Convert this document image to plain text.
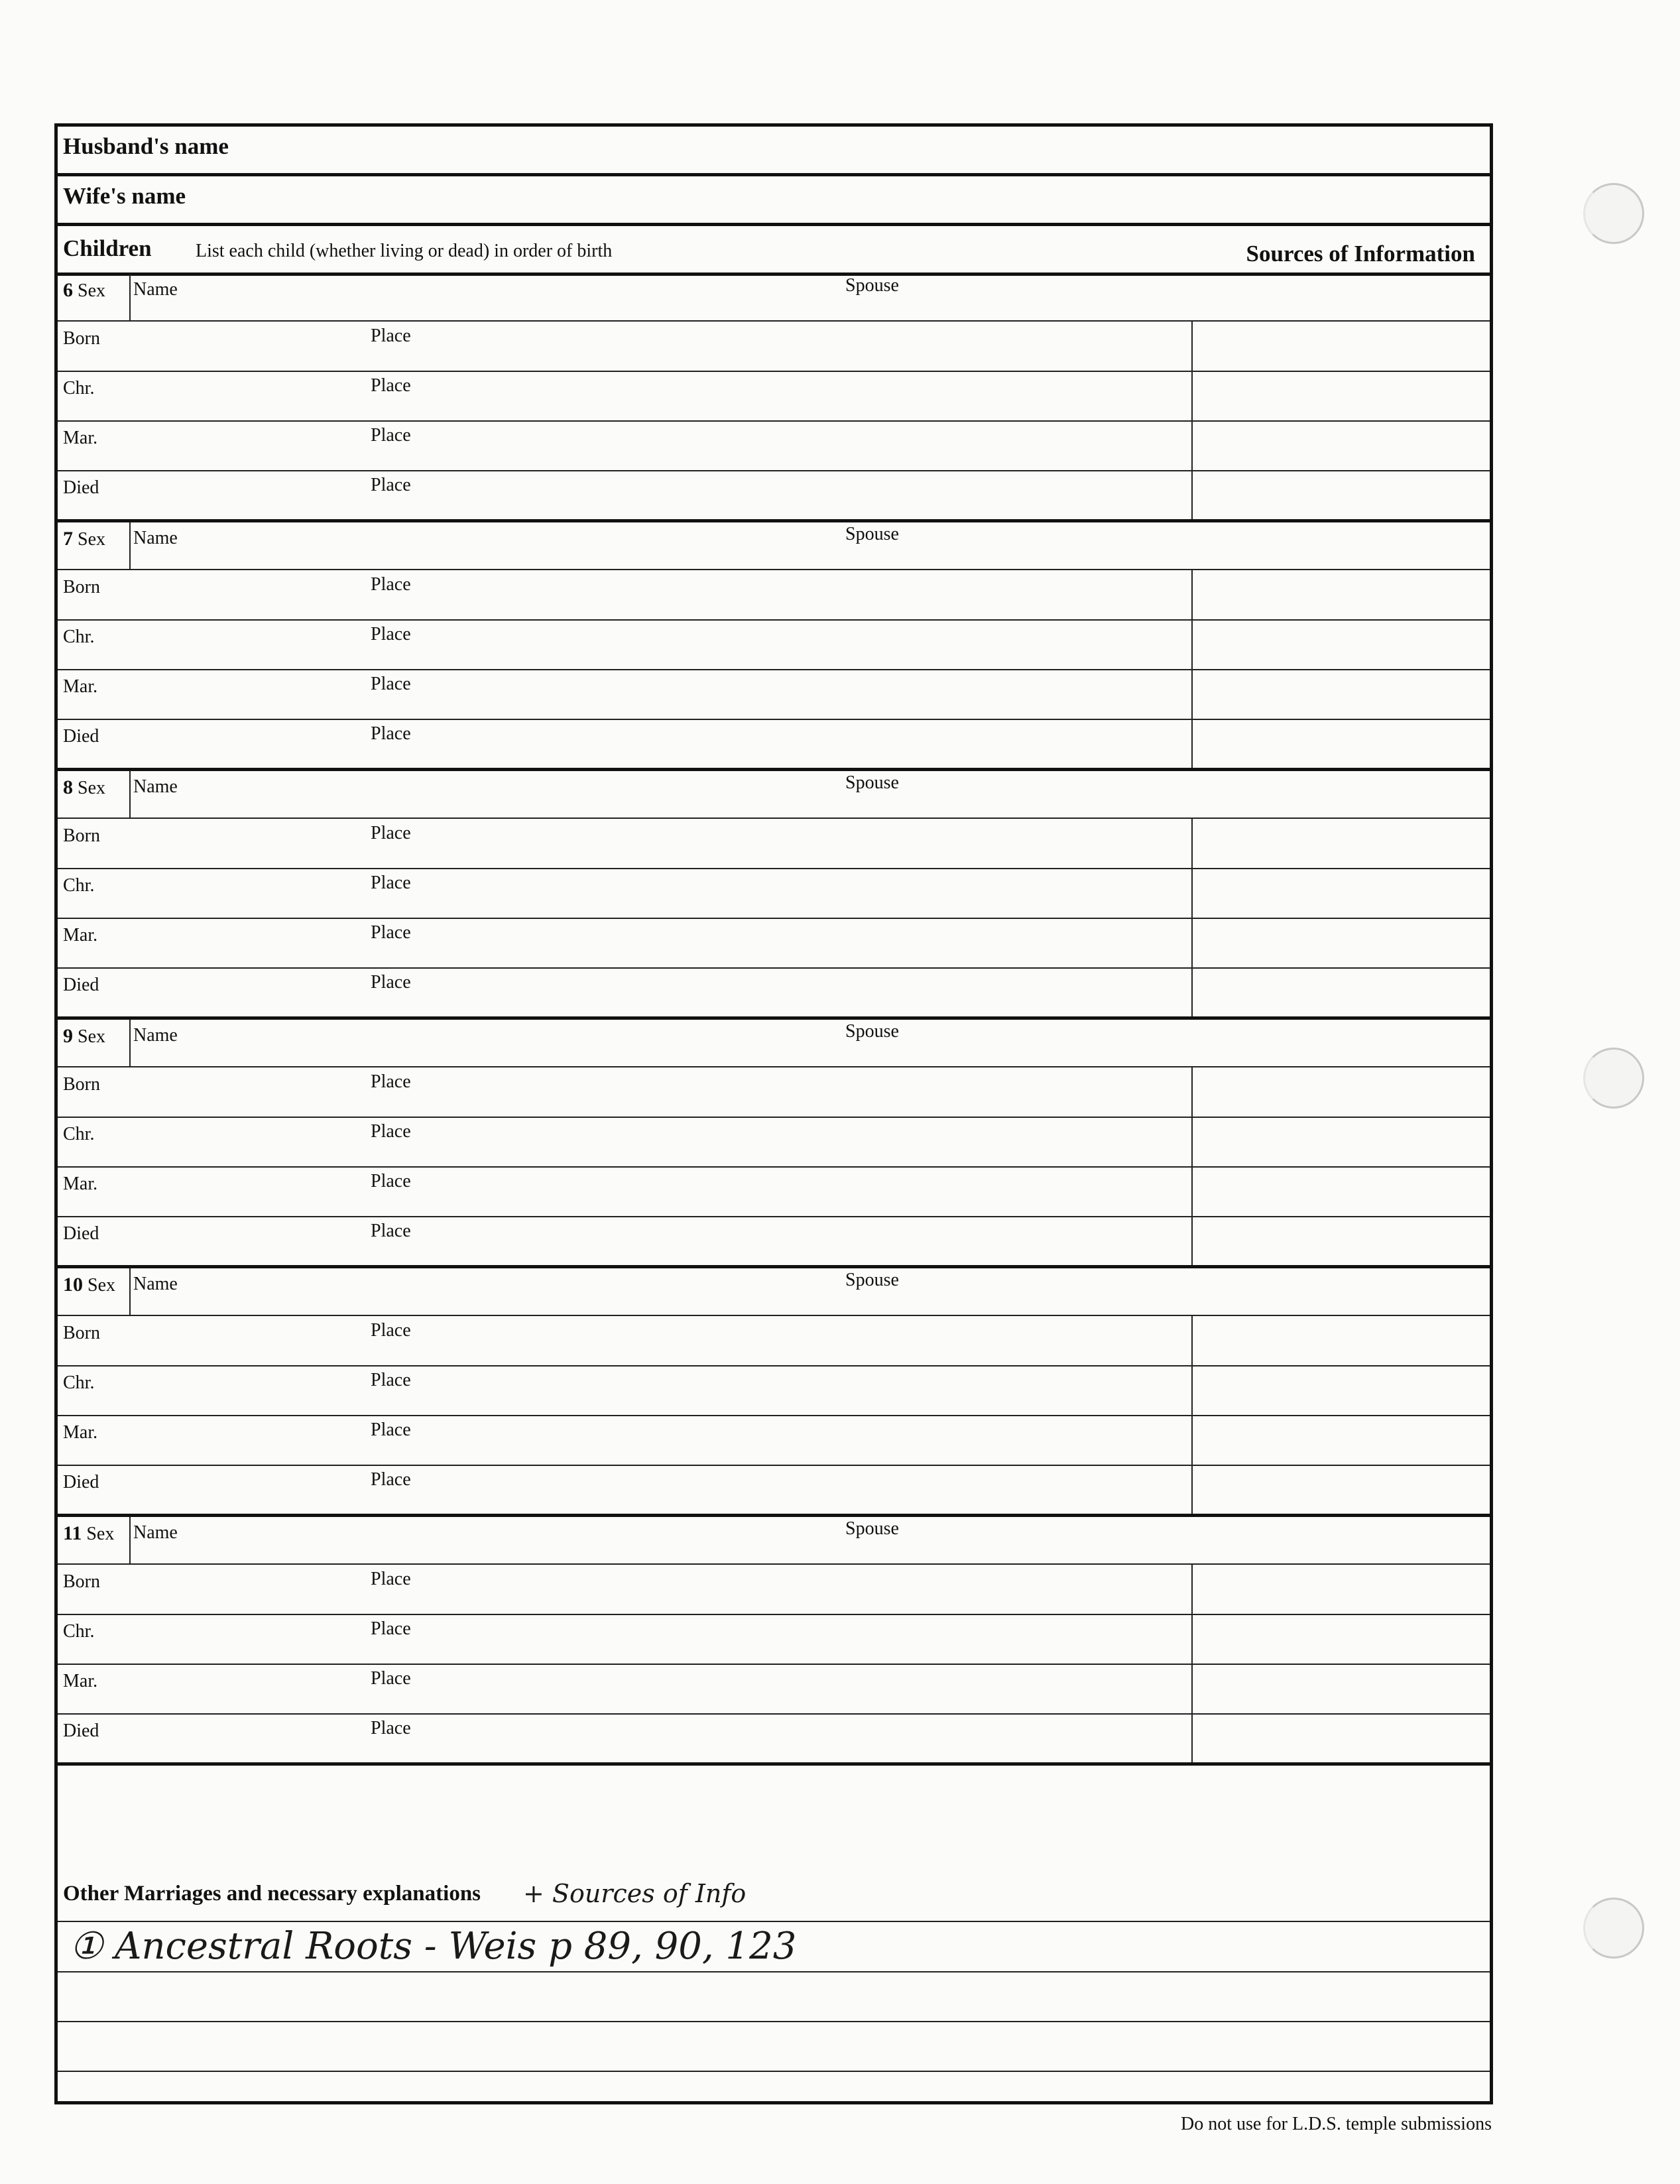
Husband's name
Wife's name
Children List each child (whether living or dead) in order of birth	Sources of Information
6 Sex Name	Spouse
Born	Place
Chr.	Place
Mar.	Place
Died	Place
7 Sex Name	Spouse
Born	Place
Chr.	Place
Mar.	Place
Died	Place
8 Sex Name	Spouse
Born	Place
Chr.	Place
Mar.	Place
Died	Place
9 Sex Name	Spouse
Born	Place
Chr.	Place
Mar.	Place
Died	Place
10 Sex Name	Spouse
Born	Place
Chr.	Place
Mar.	Place
Died	Place
11 Sex Name	Spouse
Born	Place
Chr.	Place
Mar.	Place
Died	Place
Other Marriages and necessary explanations + Sources of Info
① Ancestral Roots - Weis p 89, 90, 123
Do not use for L.D.S. temple submissions
